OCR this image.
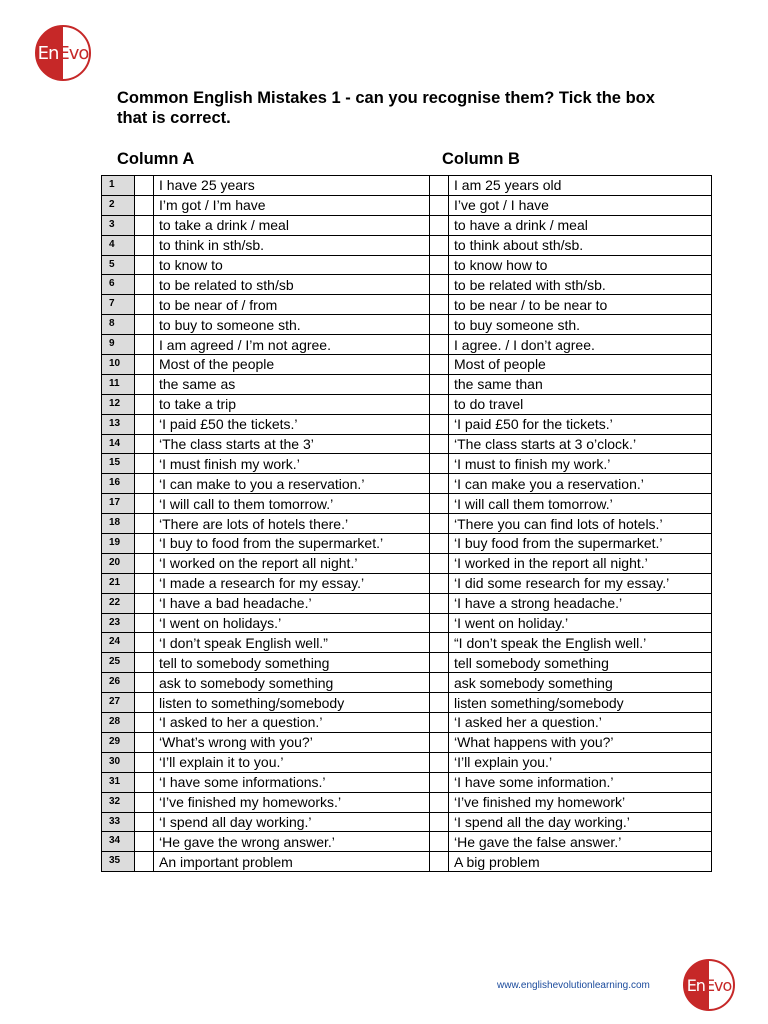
EnEvo
Common English Mistakes 1 - can you recognise them? Tick the box that is correct.
Column A	Column B
1		I have 25 years		I am 25 years old
2		I’m got / I’m have		I’ve got / I have
3		to take a drink / meal		to have a drink / meal
4		to think in sth/sb.		to think about sth/sb.
5		to know to		to know how to
6		to be related to sth/sb		to be related with sth/sb.
7		to be near of / from		to be near / to be near to
8		to buy to someone sth.		to buy someone sth.
9		I am agreed / I’m not agree.		I agree. / I don’t agree.
10		Most of the people		Most of people
11		the same as		the same than
12		to take a trip		to do travel
13		‘I paid £50 the tickets.’		‘I paid £50 for the tickets.’
14		‘The class starts at the 3’		‘The class starts at 3 o’clock.’
15		‘I must finish my work.’		‘I must to finish my work.’
16		‘I can make to you a reservation.’		‘I can make you a reservation.’
17		‘I will call to them tomorrow.’		‘I will call them tomorrow.’
18		‘There are lots of hotels there.’		‘There you can find lots of hotels.’
19		‘I buy to food from the supermarket.’		‘I buy food from the supermarket.’
20		‘I worked on the report all night.’		‘I worked in the report all night.’
21		‘I made a research for my essay.’		‘I did some research for my essay.’
22		‘I have a bad headache.’		‘I have a strong headache.’
23		‘I went on holidays.’		‘I went on holiday.’
24		‘I don’t speak English well.”		“I don’t speak the English well.’
25		tell to somebody something		tell somebody something
26		ask to somebody something		ask somebody something
27		listen to something/somebody		listen something/somebody
28		‘I asked to her a question.’		‘I asked her a question.’
29		‘What’s wrong with you?’		‘What happens with you?’
30		‘I’ll explain it to you.’		‘I’ll explain you.’
31		‘I have some informations.’		‘I have some information.’
32		‘I’ve finished my homeworks.’		‘I’ve finished my homework’
33		‘I spend all day working.’		‘I spend all the day working.’
34		‘He gave the wrong answer.’		‘He gave the false answer.’
35		An important problem		A big problem
www.englishevolutionlearning.com EnEvo
